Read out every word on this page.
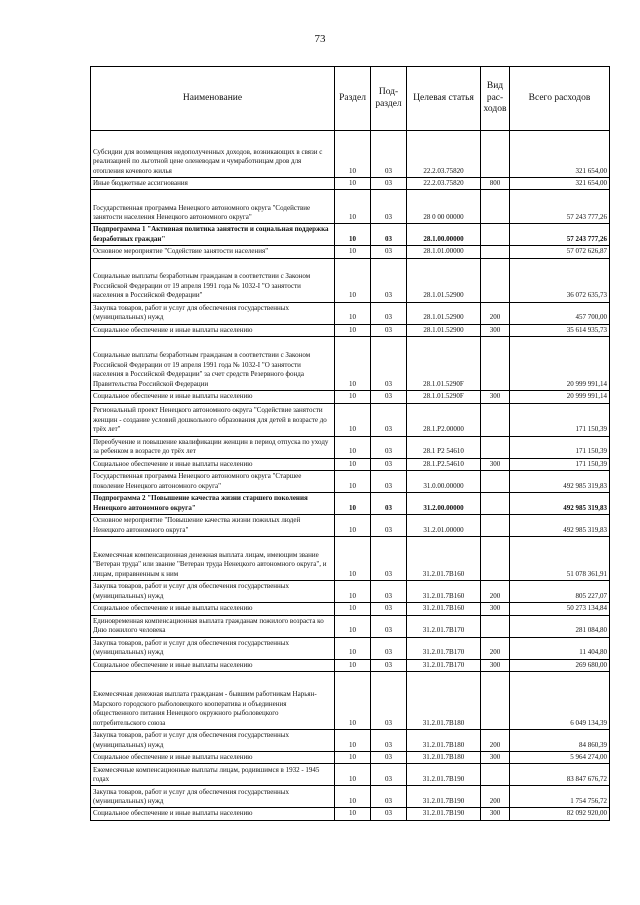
73
Наименование	Раздел	Под-раздел	Целевая статья	Вид рас-ходов	Всего расходов
Субсидии для возмещения недополученных доходов, возникающих в связи с реализацией по льготной цене оленеводам и чумработницам дров для отопления кочевого жилья	10	03	22.2.03.75820		321 654,00
Иные бюджетные ассигнования	10	03	22.2.03.75820	800	321 654,00
Государственная программа Ненецкого автономного округа "Содействие занятости населения Ненецкого автономного округа"	10	03	28 0 00 00000		57 243 777,26
Подпрограмма 1 "Активная политика занятости и социальная поддержка безработных граждан"	10	03	28.1.00.00000		57 243 777,26
Основное мероприятие "Содействие занятости населения"	10	03	28.1.01.00000		57 072 626,87
Социальные выплаты безработным гражданам в соответствии с Законом Российской Федерации от 19 апреля 1991 года № 1032-I "О занятости населения в Российской Федерации"	10	03	28.1.01.52900		36 072 635,73
Закупка товаров, работ и услуг для обеспечения государственных (муниципальных) нужд	10	03	28.1.01.52900	200	457 700,00
Социальное обеспечение и иные выплаты населению	10	03	28.1.01.52900	300	35 614 935,73
Социальные выплаты безработным гражданам в соответствии с Законом Российской Федерации от 19 апреля 1991 года № 1032-I "О занятости населения в Российской Федерации" за счет средств Резервного фонда Правительства Российской Федерации	10	03	28.1.01.5290F		20 999 991,14
Социальное обеспечение и иные выплаты населению	10	03	28.1.01.5290F	300	20 999 991,14
Региональный проект Ненецкого автономного округа "Содействие занятости женщин - создание условий дошкольного образования для детей в возрасте до трёх лет"	10	03	28.1.P2.00000		171 150,39
Переобучение и повышение квалификации женщин в период отпуска по уходу за ребенком в возрасте до трёх лет	10	03	28.1 P2 54610		171 150,39
Социальное обеспечение и иные выплаты населению	10	03	28.1.P2.54610	300	171 150,39
Государственная программа Ненецкого автономного округа "Старшее поколение Ненецкого автономного округа"	10	03	31.0.00.00000		492 985 319,83
Подпрограмма 2 "Повышение качества жизни старшего поколения Ненецкого автономного округа"	10	03	31.2.00.00000		492 985 319,83
Основное мероприятие "Повышение качества жизни пожилых людей Ненецкого автономного округа"	10	03	31.2.01.00000		492 985 319,83
Ежемесячная компенсационная денежная выплата лицам, имеющим звание "Ветеран труда" или звание "Ветеран труда Ненецкого автономного округа", и лицам, приравненным к ним	10	03	31.2.01.7B160		51 078 361,91
Закупка товаров, работ и услуг для обеспечения государственных (муниципальных) нужд	10	03	31.2.01.7B160	200	805 227,07
Социальное обеспечение и иные выплаты населению	10	03	31.2.01.7B160	300	50 273 134,84
Единовременная компенсационная выплата гражданам пожилого возраста ко Дню пожилого человека	10	03	31.2.01.7B170		281 084,80
Закупка товаров, работ и услуг для обеспечения государственных (муниципальных) нужд	10	03	31.2.01.7B170	200	11 404,80
Социальное обеспечение и иные выплаты населению	10	03	31.2.01.7B170	300	269 680,00
Ежемесячная денежная выплата гражданам - бывшим работникам Нарьян-Марского городского рыболовецкого кооператива и объединения общественного питания Ненецкого окружного рыболовецкого потребительского союза	10	03	31.2.01.7B180		6 049 134,39
Закупка товаров, работ и услуг для обеспечения государственных (муниципальных) нужд	10	03	31.2.01.7B180	200	84 860,39
Социальное обеспечение и иные выплаты населению	10	03	31.2.01.7B180	300	5 964 274,00
Ежемесячные компенсационные выплаты лицам, родившимся в 1932 - 1945 годах	10	03	31.2.01.7B190		83 847 676,72
Закупка товаров, работ и услуг для обеспечения государственных (муниципальных) нужд	10	03	31.2.01.7B190	200	1 754 756,72
Социальное обеспечение и иные выплаты населению	10	03	31.2.01.7B190	300	82 092 920,00
